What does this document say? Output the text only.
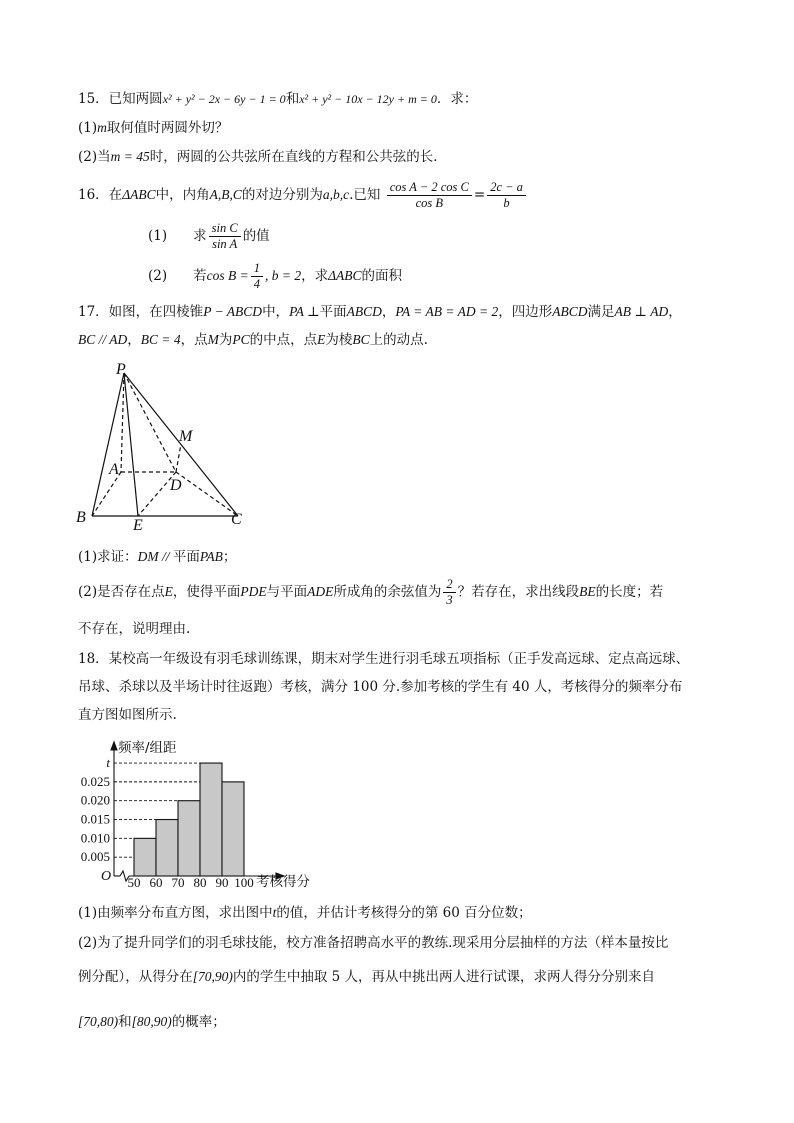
15．已知两圆x² + y² − 2x − 6y − 1 = 0和x² + y² − 10x − 12y + m = 0．求：
(1)m取何值时两圆外切？
(2)当m = 45时，两圆的公共弦所在直线的方程和公共弦的长．
16．在ΔABC中，内角A,B,C的对边分别为a,b,c.已知 $\frac{\text{cos A − 2 cos C}}{\text{cos B}} = \frac{2c - a}{b}$
(1) 求 $\frac{\text{sin C}}{\text{sin A}}$ 的值
(2) 若$\cos B = \frac{1}{4}$ , b = 2，求ΔABC的面积
17．如图，在四棱锥P − ABCD中，PA ⊥平面ABCD，PA = AB = AD = 2，四边形ABCD满足AB ⊥ AD，
BC // AD，BC = 4，点M为PC的中点，点E为棱BC上的动点.
P
M
A
D
B	E	C
(1)求证：DM // 平面PAB；
(2)是否存在点E，使得平面PDE与平面ADE所成角的余弦值为 $\frac{2}{3}$ ？若存在，求出线段BE的长度；若
不存在，说明理由.
18．某校高一年级设有羽毛球训练课，期末对学生进行羽毛球五项指标（正手发高远球、定点高远球、
吊球、杀球以及半场计时往返跑）考核，满分 100 分.参加考核的学生有 40 人，考核得分的频率分布
直方图如图所示.
频率/组距
考核得分
O
0.005
0.010
0.015
0.020
0.025
t
50 60 70 80 90 100
(1)由频率分布直方图，求出图中t的值，并估计考核得分的第 60 百分位数；
(2)为了提升同学们的羽毛球技能，校方准备招聘高水平的教练.现采用分层抽样的方法（样本量按比
例分配），从得分在[70,90)内的学生中抽取 5 人，再从中挑出两人进行试课，求两人得分分别来自
[70,80)和[80,90)的概率；
